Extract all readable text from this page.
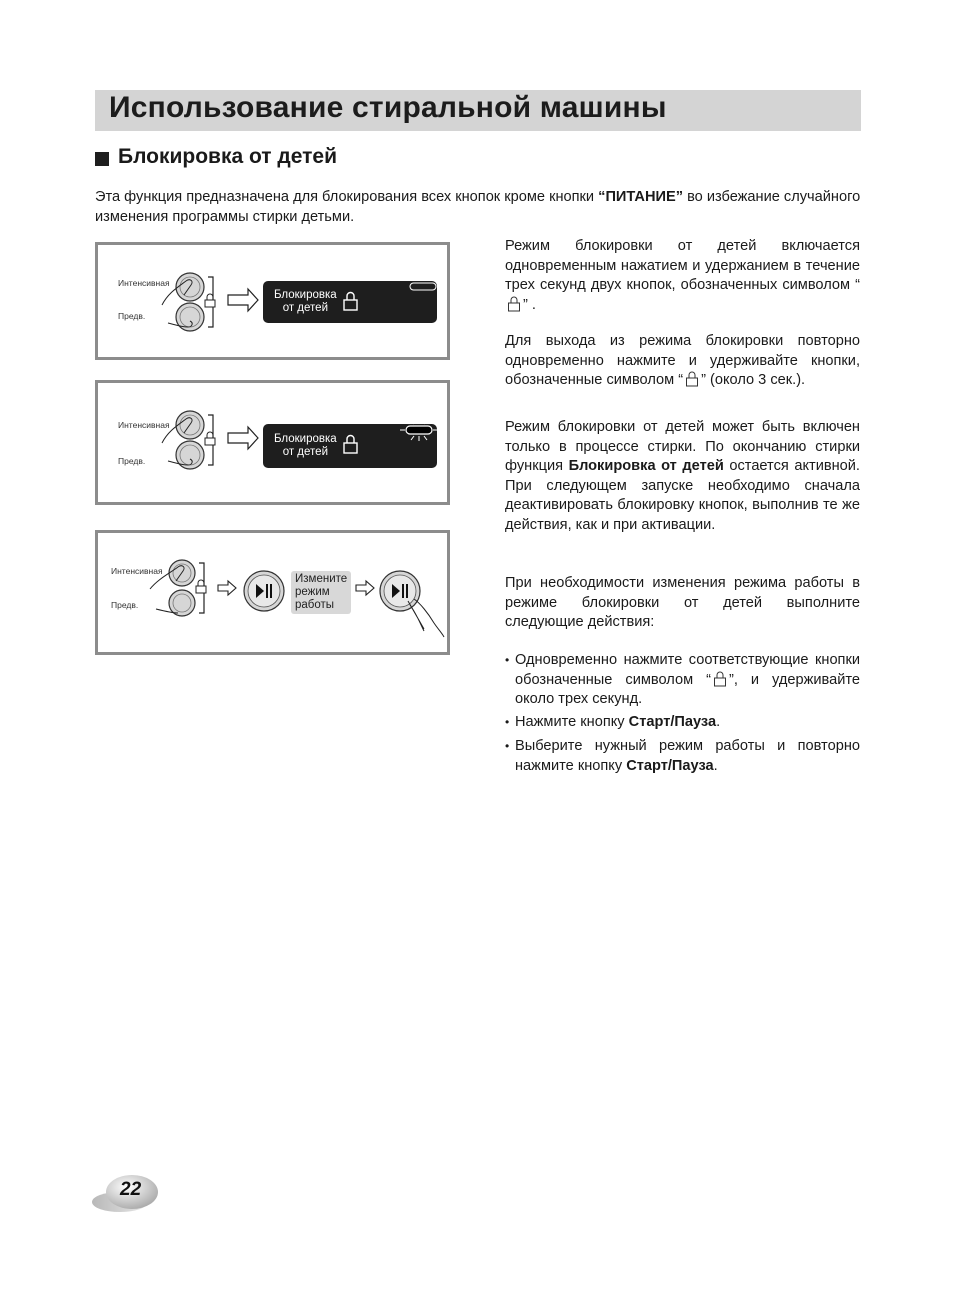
Использование стиральной машины
Блокировка от детей

Эта функция предназначена для блокирования всех кнопок кроме кнопки “ПИТАНИЕ” во избежание случайного изменения программы стирки детьми.

Интенсивная
Предв.
Блокировка
от детей
Интенсивная
Предв.
Блокировка
от детей
Интенсивная
Предв.
Измените
режим
работы

Режим блокировки от детей включается одновременным нажатием и удержанием в течение трех секунд двух кнопок, обозначенных символом “” .

Для выхода из режима блокировки повторно одновременно нажмите и удерживайте кнопки, обозначенные символом “ ” (около 3 сек.).

Режим блокировки от детей может быть включен только в процессе стирки. По окончанию стирки функция Блокировка от детей остается активной. При следующем запуске необходимо сначала деактивировать блокировку кнопок, выполнив те же действия, как и при активации.

При необходимости изменения режима работы в режиме блокировки от детей выполните следующие действия:

• Одновременно нажмите соответствующие кнопки обозначенные символом “ ”, и удерживайте около трех секунд.

• Нажмите кнопку Старт/Пауза.

• Выберите нужный режим работы и повторно нажмите кнопку Старт/Пауза.

22
